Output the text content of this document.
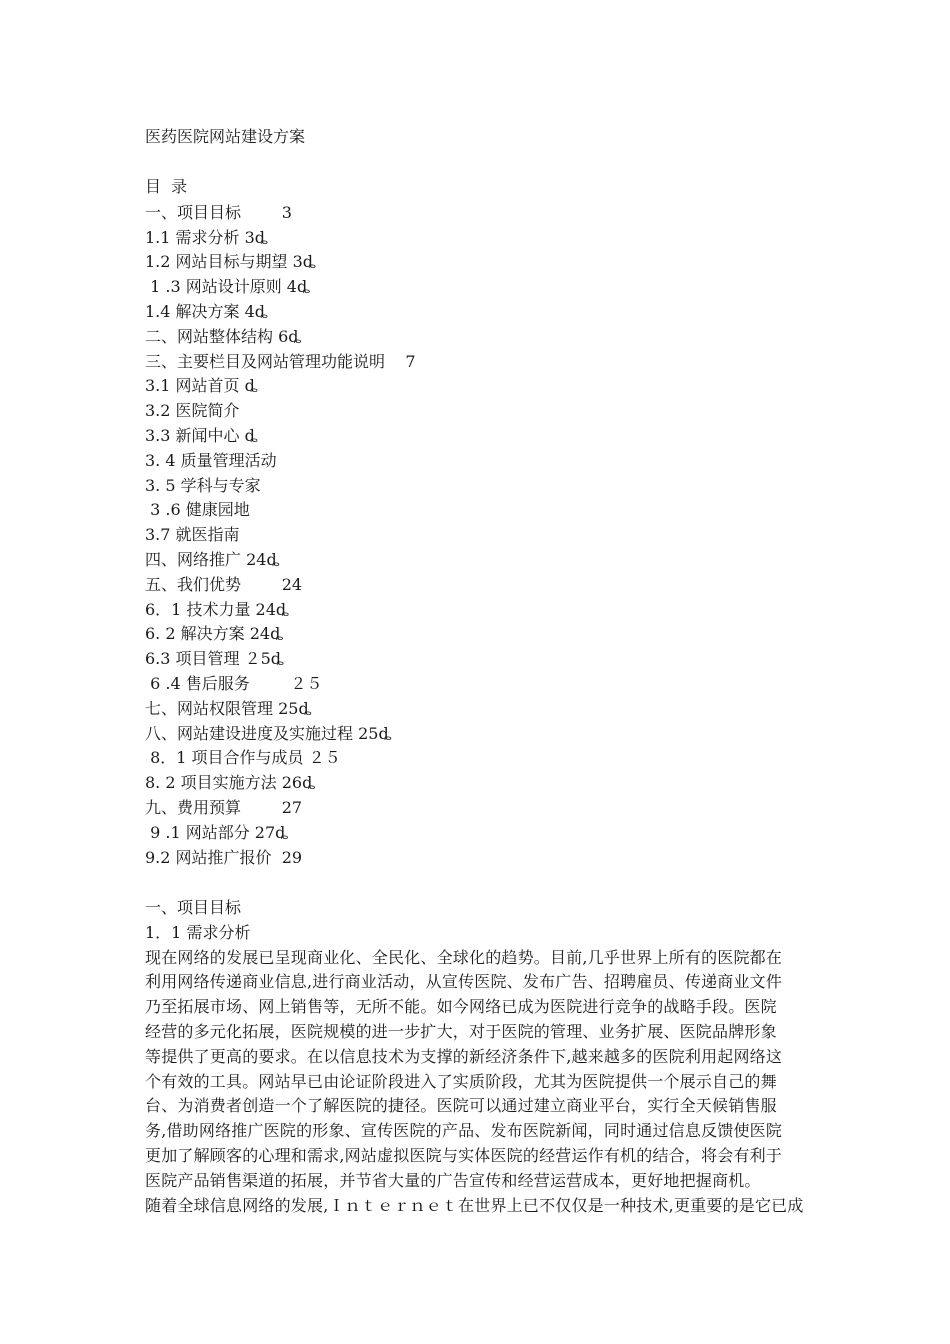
医药医院网站建设方案
目  录
一、项目目标        3
1.1 需求分析 3ȡ
1.2 网站目标与期望 3ȡ
1 .3 网站设计原则 4ȡ
1.4 解决方案 4ȡ
二、网站整体结构 6ȡ
三、主要栏目及网站管理功能说明    7
3.1 网站首页 ȡ
3.2 医院简介
3.3 新闻中心 ȡ
3. 4 质量管理活动
3. 5 学科与专家
3 .6 健康园地
3.7 就医指南
四、网络推广 24ȡ
五、我们优势        24
6．1 技术力量 24ȡ
6. 2 解决方案 24ȡ
6.3 项目管理 ２5ȡ
6 .4 售后服务        ２５
七、网站权限管理 25ȡ
八、网站建设进度及实施过程 25ȡ
8．1 项目合作与成员 ２５
8. 2 项目实施方法 26ȡ
九、费用预算        27
9 .1 网站部分 27ȡ
9.2 网站推广报价  29
一、项目目标
1．1 需求分析
现在网络的发展已呈现商业化、全民化、全球化的趋势。目前,几乎世界上所有的医院都在
利用网络传递商业信息,进行商业活动，从宣传医院、发布广告、招聘雇员、传递商业文件
乃至拓展市场、网上销售等，无所不能。如今网络已成为医院进行竞争的战略手段。医院
经营的多元化拓展，医院规模的进一步扩大，对于医院的管理、业务扩展、医院品牌形象
等提供了更高的要求。在以信息技术为支撑的新经济条件下,越来越多的医院利用起网络这
个有效的工具。网站早已由论证阶段进入了实质阶段，尤其为医院提供一个展示自己的舞
台、为消费者创造一个了解医院的捷径。医院可以通过建立商业平台，实行全天候销售服
务,借助网络推广医院的形象、宣传医院的产品、发布医院新闻，同时通过信息反馈使医院
更加了解顾客的心理和需求,网站虚拟医院与实体医院的经营运作有机的结合，将会有利于
医院产品销售渠道的拓展，并节省大量的广告宣传和经营运营成本，更好地把握商机。
随着全球信息网络的发展,Ｉｎｔｅｒｎｅｔ在世界上已不仅仅是一种技术,更重要的是它已成
